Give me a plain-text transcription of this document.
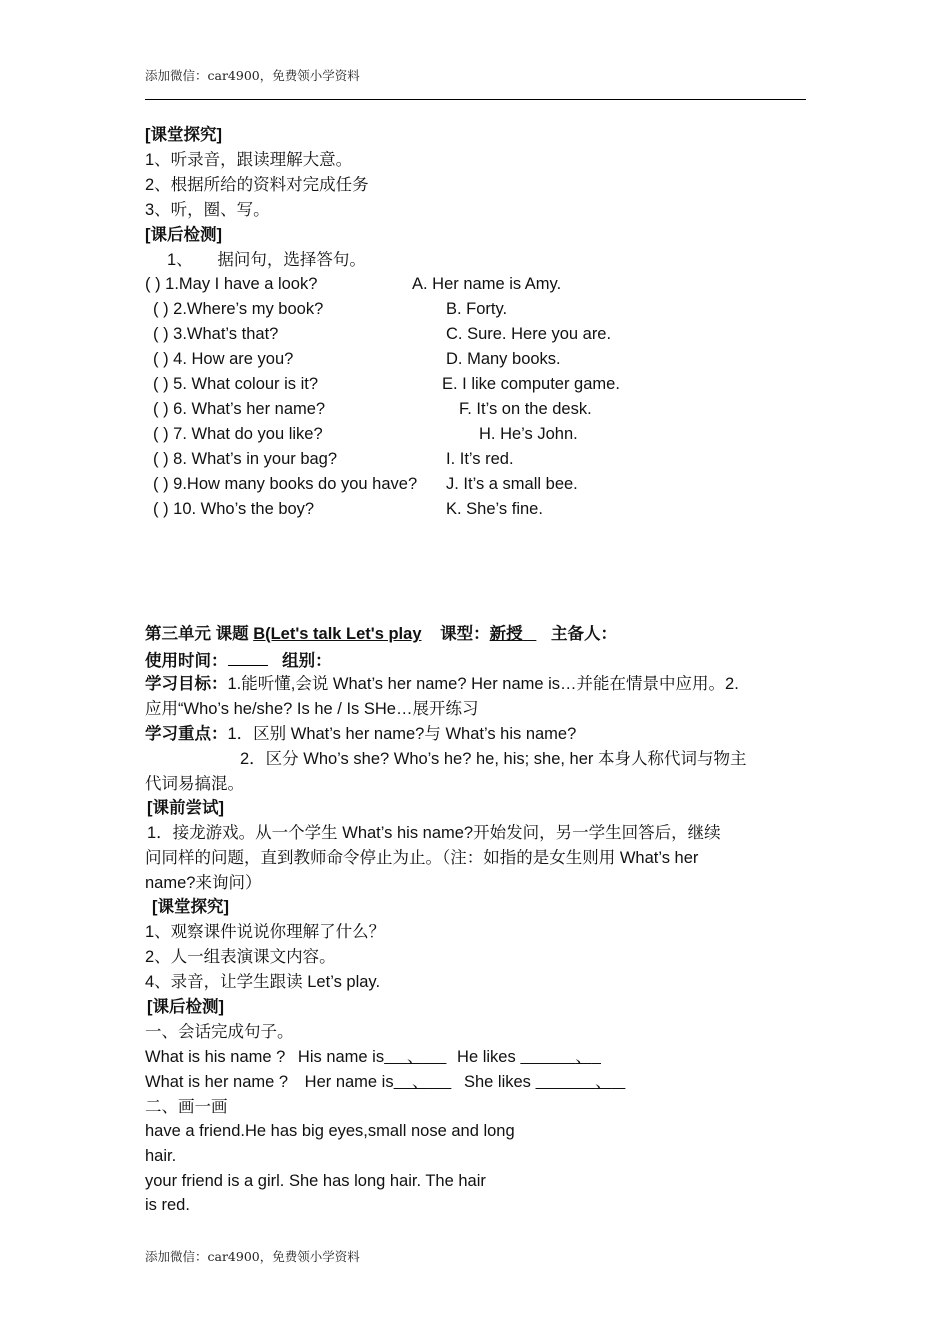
添加微信：car4900，免费领小学资料
[课堂探究]
1、听录音，跟读理解大意。
2、根据所给的资料对完成任务
3、听，圈、写。
[课后检测]
1、　　据问句，选择答句。
( ) 1.May I have a look?	A. Her name is Amy.
( ) 2.Where’s my book?	B. Forty.
( ) 3.What’s that?	C. Sure. Here you are.
( ) 4. How are you?	D. Many books.
( ) 5. What colour is it?	E. I like computer game.
( ) 6. What’s her name?	F. It’s on the desk.
( ) 7. What do you like?	H. He’s John.
( ) 8. What’s in your bag?	I. It’s red.
( ) 9.How many books do you have? J. It’s a small bee.
( ) 10. Who’s the boy?	K. She’s fine.
第三单元 课题 B(Let's talk Let's play 课型：新授 主备人：
使用时间：	组别：
学习目标：1.能听懂,会说 What’s her name? Her name is…并能在情景中应用。2.
应用“Who’s he/she? Is he / Is SHe…展开练习
学习重点：1．区别 What’s her name?与 What’s his name?
2．区分 Who’s she? Who’s he? he, his; she, her 本身人称代词与物主
代词易搞混。
[课前尝试]
1．接龙游戏。从一个学生 What’s his name?开始发问，另一学生回答后，继续
问同样的问题，直到教师命令停止为止。（注：如指的是女生则用 What’s her
name?来询问）
[课堂探究]
1、观察课件说说你理解了什么？
2、人一组表演课文内容。
4、录音，让学生跟读 Let’s play.
[课后检测]
一、会话完成句子。
What is his name ? His name is 、 He likes	、
What is her name ? Her name is 、 She likes	、
二、画一画
have a friend.He has big eyes,small nose and long
hair.
your friend is a girl. She has long hair. The hair
is red.
添加微信：car4900，免费领小学资料
